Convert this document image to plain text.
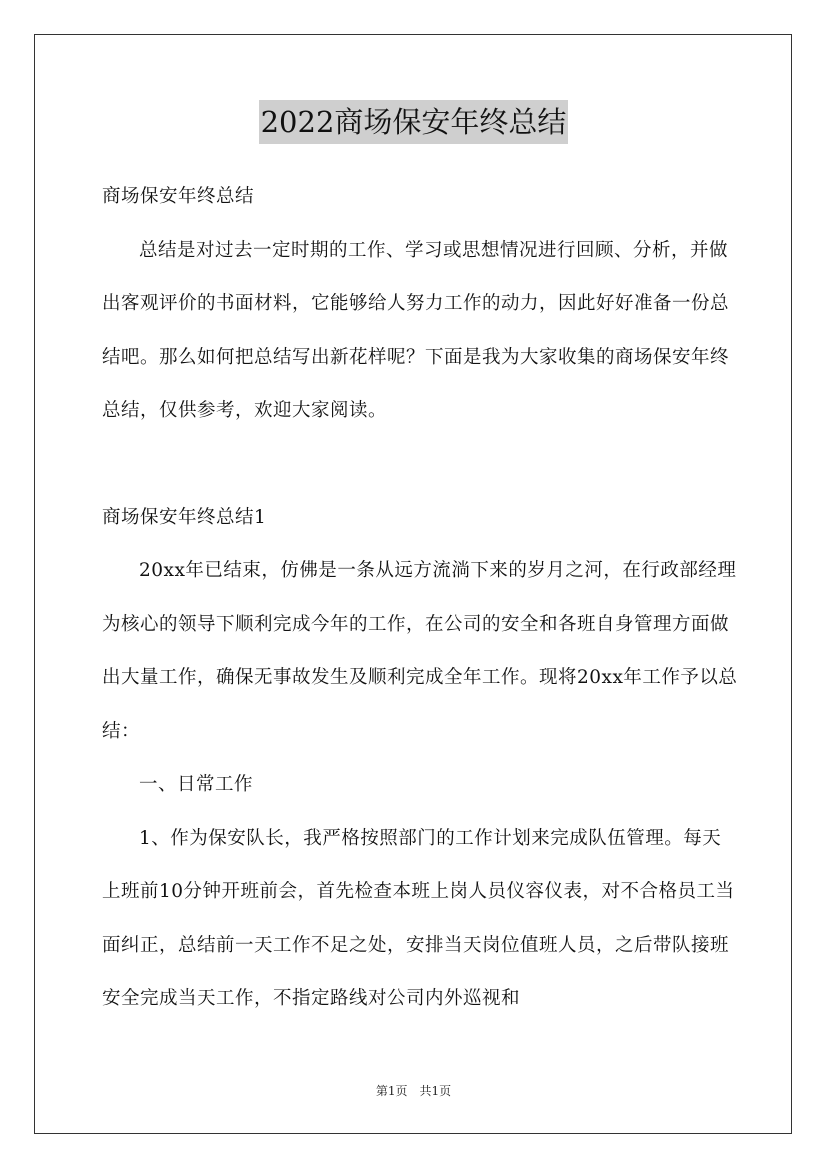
2022商场保安年终总结

商场保安年终总结

总结是对过去一定时期的工作、学习或思想情况进行回顾、分析，并做出客观评价的书面材料，它能够给人努力工作的动力，因此好好准备一份总结吧。那么如何把总结写出新花样呢？下面是我为大家收集的商场保安年终总结，仅供参考，欢迎大家阅读。

商场保安年终总结1

20xx年已结束，仿佛是一条从远方流淌下来的岁月之河，在行政部经理为核心的领导下顺利完成今年的工作，在公司的安全和各班自身管理方面做出大量工作，确保无事故发生及顺利完成全年工作。现将20xx年工作予以总结：

一、日常工作

1、作为保安队长，我严格按照部门的工作计划来完成队伍管理。每天上班前10分钟开班前会，首先检查本班上岗人员仪容仪表，对不合格员工当面纠正，总结前一天工作不足之处，安排当天岗位值班人员，之后带队接班安全完成当天工作，不指定路线对公司内外巡视和

第1页　共1页
